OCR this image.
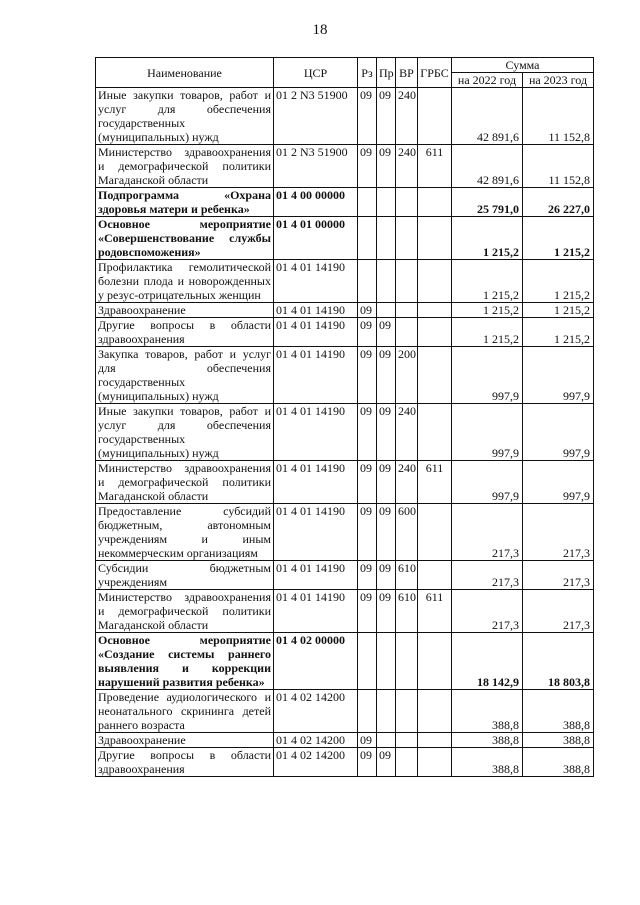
18
Наименование	ЦСР	Рз	Пр	ВР	ГРБС	Сумма	
						на 2022 год	на 2023 год
Иные закупки товаров, работ и услуг для обеспечения государственных (муниципальных) нужд	01 2 N3 51900	09	09	240		42 891,6	11 152,8
Министерство здравоохранения и демографической политики Магаданской области	01 2 N3 51900	09	09	240	611	42 891,6	11 152,8
Подпрограмма «Охрана здоровья матери и ребенка»	01 4 00 00000					25 791,0	26 227,0
Основное мероприятие «Совершенствование службы родовспоможения»	01 4 01 00000					1 215,2	1 215,2
Профилактика гемолитической болезни плода и новорожденных у резус-отрицательных женщин	01 4 01 14190					1 215,2	1 215,2
Здравоохранение	01 4 01 14190	09				1 215,2	1 215,2
Другие вопросы в области здравоохранения	01 4 01 14190	09	09			1 215,2	1 215,2
Закупка товаров, работ и услуг для обеспечения государственных (муниципальных) нужд	01 4 01 14190	09	09	200		997,9	997,9
Иные закупки товаров, работ и услуг для обеспечения государственных (муниципальных) нужд	01 4 01 14190	09	09	240		997,9	997,9
Министерство здравоохранения и демографической политики Магаданской области	01 4 01 14190	09	09	240	611	997,9	997,9
Предоставление субсидий бюджетным, автономным учреждениям и иным некоммерческим организациям	01 4 01 14190	09	09	600		217,3	217,3
Субсидии бюджетным учреждениям	01 4 01 14190	09	09	610		217,3	217,3
Министерство здравоохранения и демографической политики Магаданской области	01 4 01 14190	09	09	610	611	217,3	217,3
Основное мероприятие «Создание системы раннего выявления и коррекции нарушений развития ребенка»	01 4 02 00000					18 142,9	18 803,8
Проведение аудиологического и неонатального скрининга детей раннего возраста	01 4 02 14200					388,8	388,8
Здравоохранение	01 4 02 14200	09				388,8	388,8
Другие вопросы в области здравоохранения	01 4 02 14200	09	09			388,8	388,8
